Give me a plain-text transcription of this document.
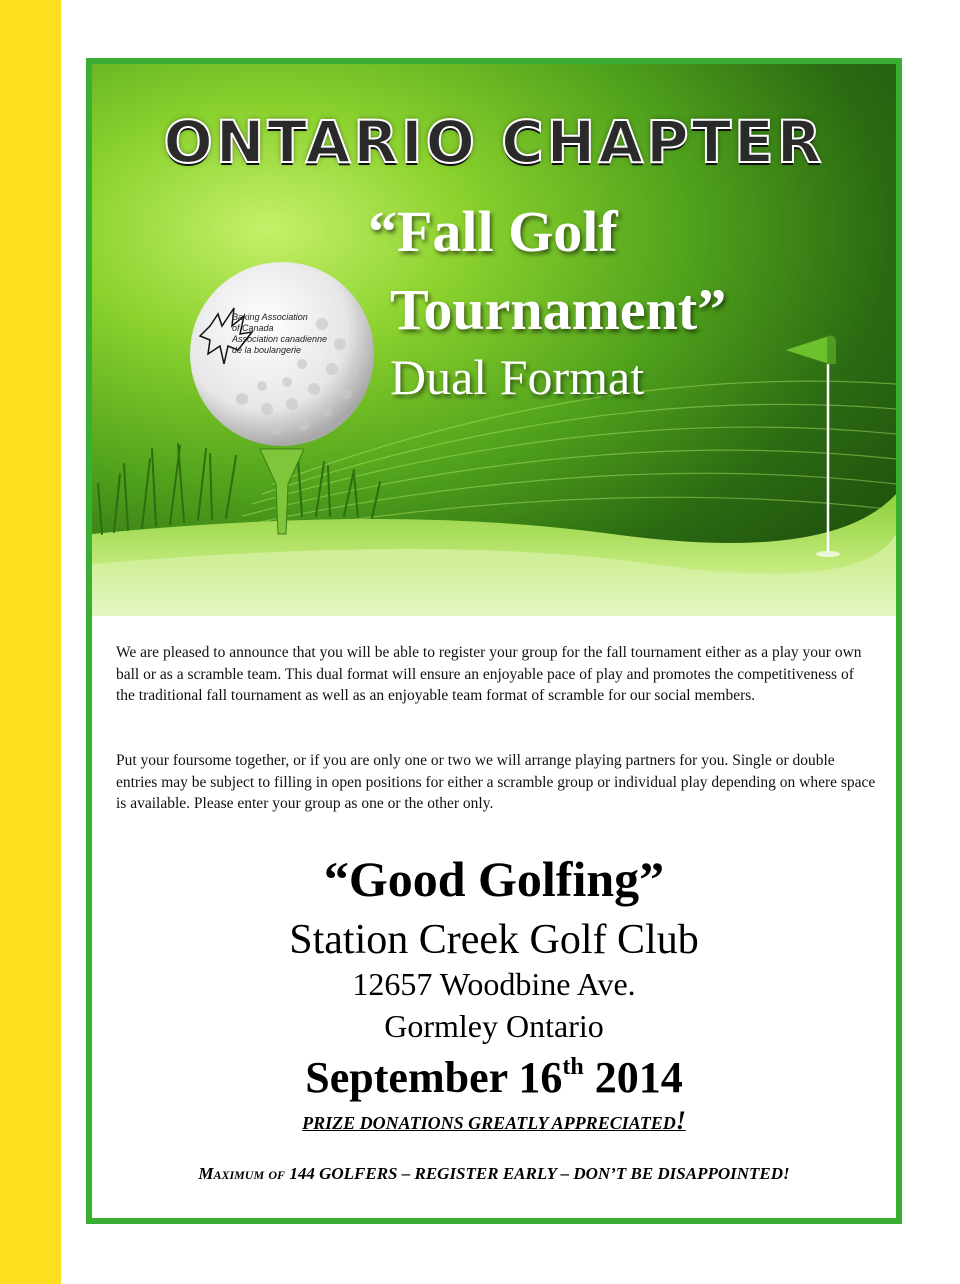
Baking Association
of Canada
Association canadienne
de la boulangerie
ONTARIO CHAPTER
“Fall Golf
Tournament”
Dual Format
We are pleased to announce that you will be able to register your group for the fall tournament either as a play your own ball or as a scramble team. This dual format will ensure an enjoyable pace of play and promotes the competitiveness of the traditional fall tournament as well as an enjoyable team format of scramble for our social members.
Put your foursome together, or if you are only one or two we will arrange playing partners for you. Single or double entries may be subject to filling in open positions for either a scramble group or individual play depending on where space is available. Please enter your group as one or the other only.
“Good Golfing”
Station Creek Golf Club
12657 Woodbine Ave.
Gormley Ontario
September 16th 2014
PRIZE DONATIONS GREATLY APPRECIATED!
Maximum of 144 GOLFERS – REGISTER EARLY – DON’T BE DISAPPOINTED!
